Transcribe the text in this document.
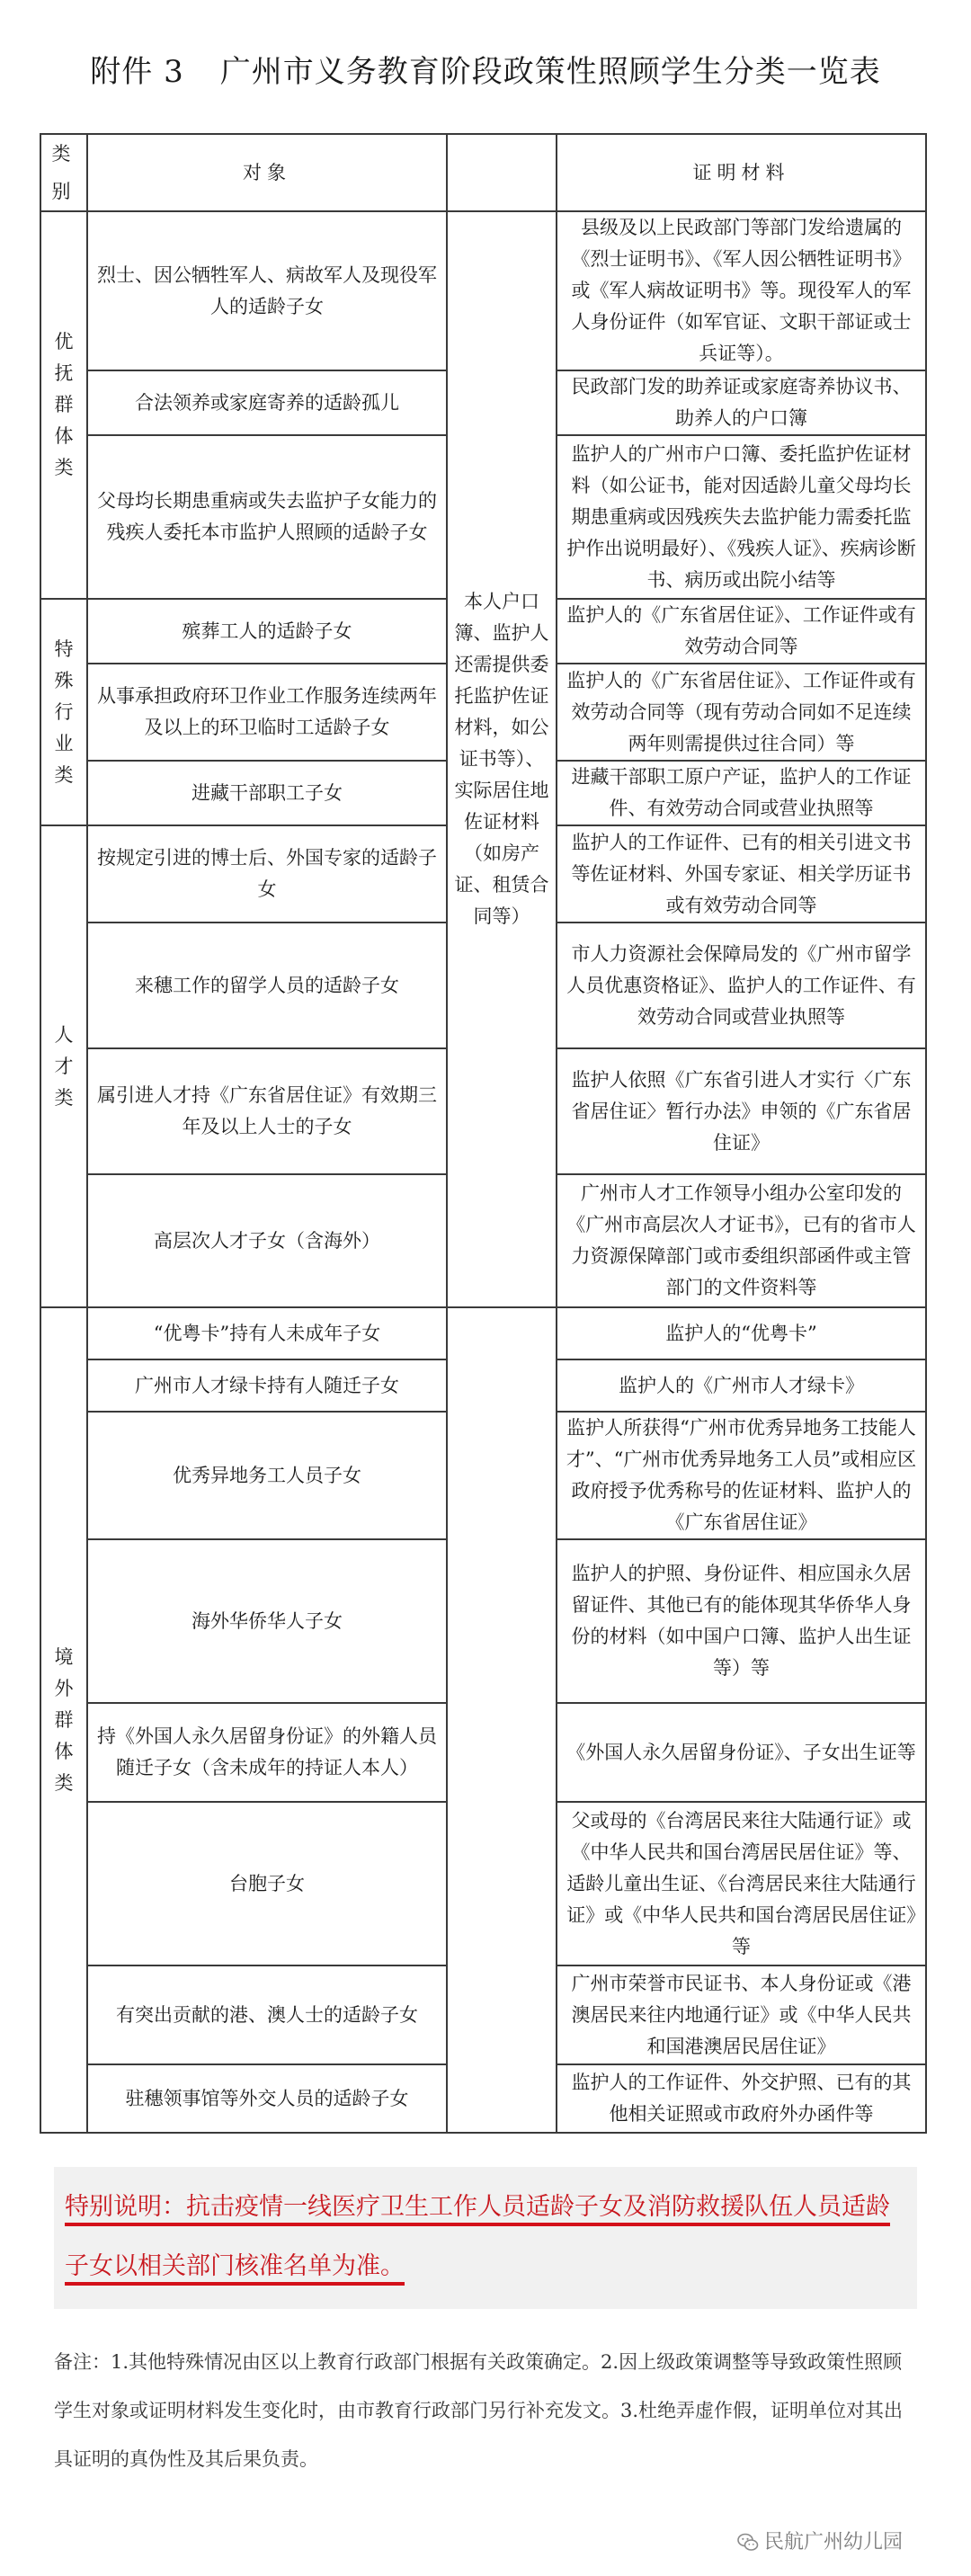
附件 3 广州市义务教育阶段政策性照顾学生分类一览表
类别	对象		证明材料
优抚群体类	烈士、因公牺牲军人、病故军人及现役军人的适龄子女	本人户口簿、监护人还需提供委托监护佐证材料，如公证书等）、实际居住地佐证材料（如房产证、租赁合同等）	县级及以上民政部门等部门发给遗属的《烈士证明书》、《军人因公牺牲证明书》或《军人病故证明书》等。现役军人的军人身份证件（如军官证、文职干部证或士兵证等）。
	合法领养或家庭寄养的适龄孤儿		民政部门发的助养证或家庭寄养协议书、助养人的户口簿
	父母均长期患重病或失去监护子女能力的残疾人委托本市监护人照顾的适龄子女		监护人的广州市户口簿、委托监护佐证材料（如公证书，能对因适龄儿童父母均长期患重病或因残疾失去监护能力需委托监护作出说明最好）、《残疾人证》、疾病诊断书、病历或出院小结等
特殊行业类	殡葬工人的适龄子女		监护人的《广东省居住证》、工作证件或有效劳动合同等
	从事承担政府环卫作业工作服务连续两年及以上的环卫临时工适龄子女		监护人的《广东省居住证》、工作证件或有效劳动合同等（现有劳动合同如不足连续两年则需提供过往合同）等
	进藏干部职工子女		进藏干部职工原户产证，监护人的工作证件、有效劳动合同或营业执照等
人才类	按规定引进的博士后、外国专家的适龄子女		监护人的工作证件、已有的相关引进文书等佐证材料、外国专家证、相关学历证书或有效劳动合同等
	来穗工作的留学人员的适龄子女		市人力资源社会保障局发的《广州市留学人员优惠资格证》、监护人的工作证件、有效劳动合同或营业执照等
	属引进人才持《广东省居住证》有效期三年及以上人士的子女		监护人依照《广东省引进人才实行〈广东省居住证〉暂行办法》申领的《广东省居住证》
	高层次人才子女（含海外）		广州市人才工作领导小组办公室印发的《广州市高层次人才证书》，已有的省市人力资源保障部门或市委组织部函件或主管部门的文件资料等
境外群体类	“优粤卡”持有人未成年子女		监护人的“优粤卡”
	广州市人才绿卡持有人随迁子女		监护人的《广州市人才绿卡》
	优秀异地务工人员子女		监护人所获得“广州市优秀异地务工技能人才”、“广州市优秀异地务工人员”或相应区政府授予优秀称号的佐证材料、监护人的《广东省居住证》
	海外华侨华人子女		监护人的护照、身份证件、相应国永久居留证件、其他已有的能体现其华侨华人身份的材料（如中国户口簿、监护人出生证等）等
	持《外国人永久居留身份证》的外籍人员随迁子女（含未成年的持证人本人）		《外国人永久居留身份证》、子女出生证等
	台胞子女		父或母的《台湾居民来往大陆通行证》或《中华人民共和国台湾居民居住证》等、适龄儿童出生证、《台湾居民来往大陆通行证》或《中华人民共和国台湾居民居住证》等
	有突出贡献的港、澳人士的适龄子女		广州市荣誉市民证书、本人身份证或《港澳居民来往内地通行证》或《中华人民共和国港澳居民居住证》
	驻穗领事馆等外交人员的适龄子女		监护人的工作证件、外交护照、已有的其他相关证照或市政府外办函件等
特别说明：抗击疫情一线医疗卫生工作人员适龄子女及消防救援队伍人员适龄
子女以相关部门核准名单为准。
备注：1.其他特殊情况由区以上教育行政部门根据有关政策确定。2.因上级政策调整等导致政策性照顾学生对象或证明材料发生变化时，由市教育行政部门另行补充发文。3.杜绝弄虚作假，证明单位对其出具证明的真伪性及其后果负责。
民航广州幼儿园
